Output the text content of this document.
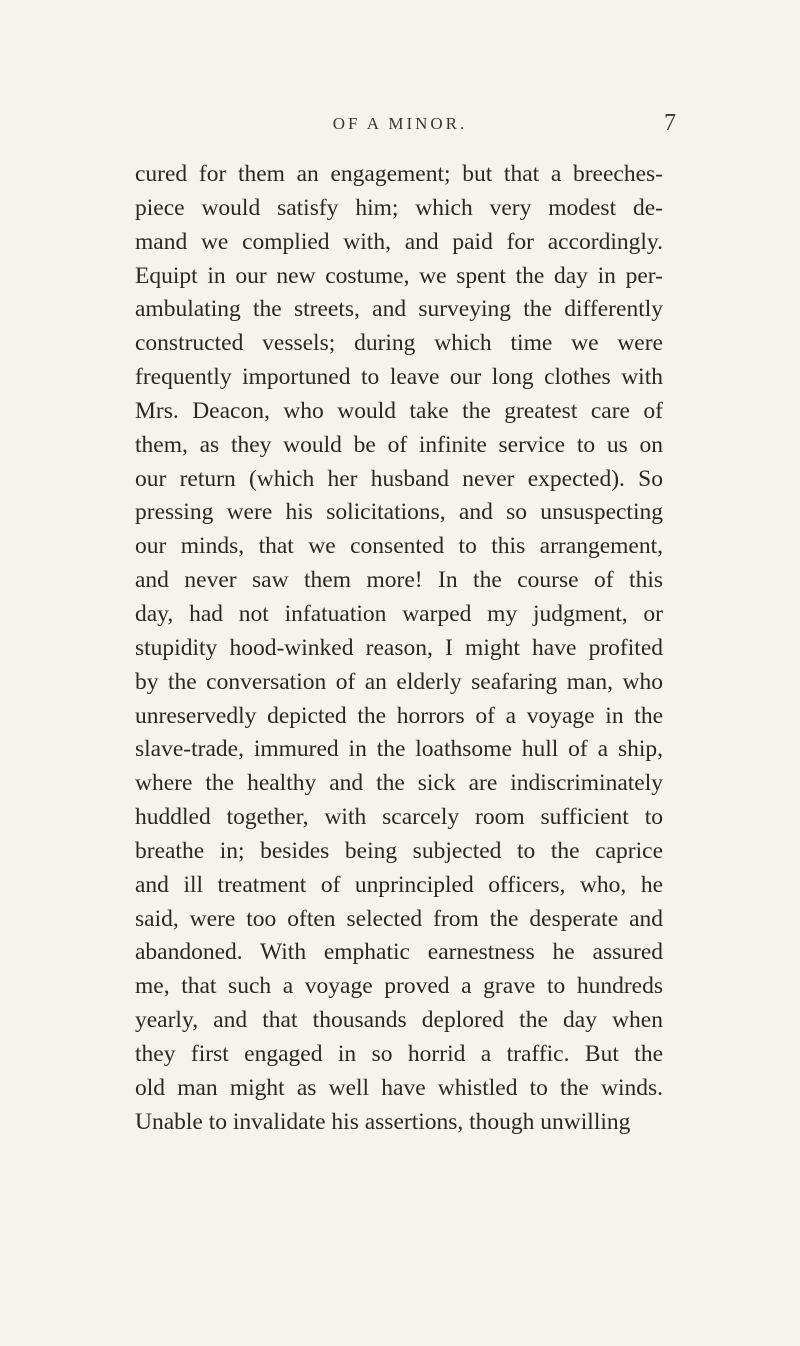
OF A MINOR.	7
cured for them an engagement; but that a breeches-
piece would satisfy him; which very modest de-
mand we complied with, and paid for accordingly.
Equipt in our new costume, we spent the day in per-
ambulating the streets, and surveying the differently
constructed vessels; during which time we were
frequently importuned to leave our long clothes with
Mrs. Deacon, who would take the greatest care of
them, as they would be of infinite service to us on
our return (which her husband never expected). So
pressing were his solicitations, and so unsuspecting
our minds, that we consented to this arrangement,
and never saw them more! In the course of this
day, had not infatuation warped my judgment, or
stupidity hood-winked reason, I might have profited
by the conversation of an elderly seafaring man, who
unreservedly depicted the horrors of a voyage in the
slave-trade, immured in the loathsome hull of a ship,
where the healthy and the sick are indiscriminately
huddled together, with scarcely room sufficient to
breathe in; besides being subjected to the caprice
and ill treatment of unprincipled officers, who, he
said, were too often selected from the desperate and
abandoned. With emphatic earnestness he assured
me, that such a voyage proved a grave to hundreds
yearly, and that thousands deplored the day when
they first engaged in so horrid a traffic. But the
old man might as well have whistled to the winds.
Unable to invalidate his assertions, though unwilling
